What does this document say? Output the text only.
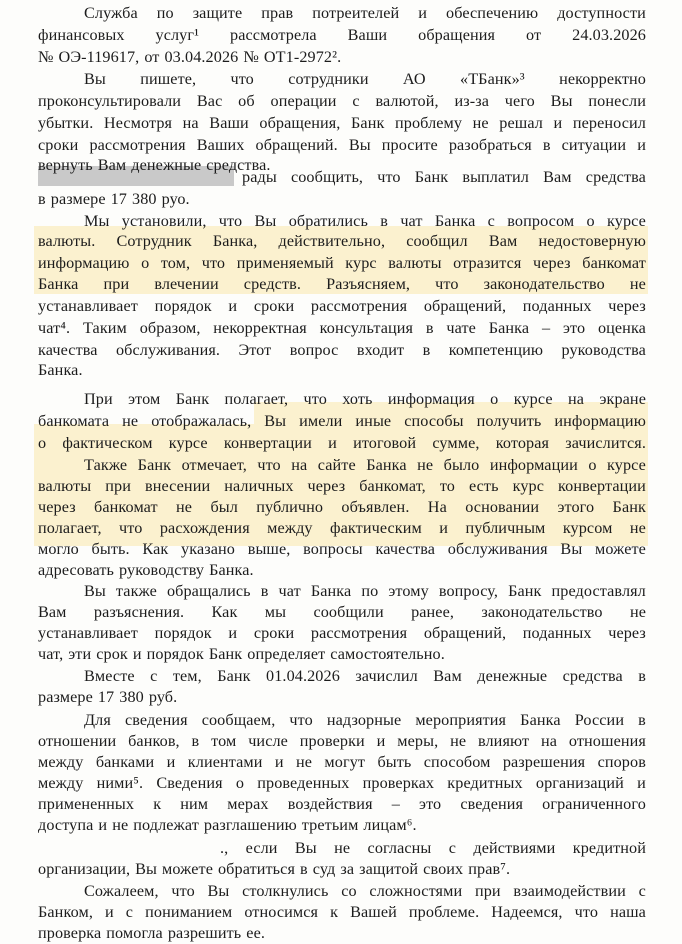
Служба по защите прав потреителей и обеспечению доступности
финансовых услуг¹ рассмотрела Ваши обращения от 24.03.2026
№ ОЭ-119617, от 03.04.2026 № ОТ1-2972².
Вы пишете, что сотрудники АО «ТБанк»³ некорректно
проконсультировали Вас об операции с валютой, из-за чего Вы понесли
убытки. Несмотря на Ваши обращения, Банк проблему не решал и переносил
сроки рассмотрения Ваших обращений. Вы просите разобраться в ситуации и
вернуть Вам денежные средства.
рады сообщить, что Банк выплатил Вам средства
в размере 17 380 руо.
Мы установили, что Вы обратились в чат Банка с вопросом о курсе
валюты. Сотрудник Банка, действительно, сообщил Вам недостоверную
информацию о том, что применяемый курс валюты отразится через банкомат
Банка при влечении средств. Разъясняем, что законодательство не
устанавливает порядок и сроки рассмотрения обращений, поданных через
чат⁴. Таким образом, некорректная консультация в чате Банка – это оценка
качества обслуживания. Этот вопрос входит в компетенцию руководства
Банка.
При этом Банк полагает, что хоть информация о курсе на экране
банкомата не отображалась, Вы имели иные способы получить информацию
о фактическом курсе конвертации и итоговой сумме, которая зачислится.
Также Банк отмечает, что на сайте Банка не было информации о курсе
валюты при внесении наличных через банкомат, то есть курс конвертации
через банкомат не был публично объявлен. На основании этого Банк
полагает, что расхождения между фактическим и публичным курсом не
могло быть. Как указано выше, вопросы качества обслуживания Вы можете
адресовать руководству Банка.
Вы также обращались в чат Банка по этому вопросу, Банк предоставлял
Вам разъяснения. Как мы сообщили ранее, законодательство не
устанавливает порядок и сроки рассмотрения обращений, поданных через
чат, эти срок и порядок Банк определяет самостоятельно.
Вместе с тем, Банк 01.04.2026 зачислил Вам денежные средства в
размере 17 380 руб.
Для сведения сообщаем, что надзорные мероприятия Банка России в
отношении банков, в том числе проверки и меры, не влияют на отношения
между банками и клиентами и не могут быть способом разрешения споров
между ними⁵. Сведения о проведенных проверках кредитных организаций и
примененных к ним мерах воздействия – это сведения ограниченного
доступа и не подлежат разглашению третьим лицам⁶.
., если Вы не согласны с действиями кредитной
организации, Вы можете обратиться в суд за защитой своих прав⁷.
Сожалеем, что Вы столкнулись со сложностями при взаимодействии с
Банком, и с пониманием относимся к Вашей проблеме. Надеемся, что наша
проверка помогла разрешить ее.
